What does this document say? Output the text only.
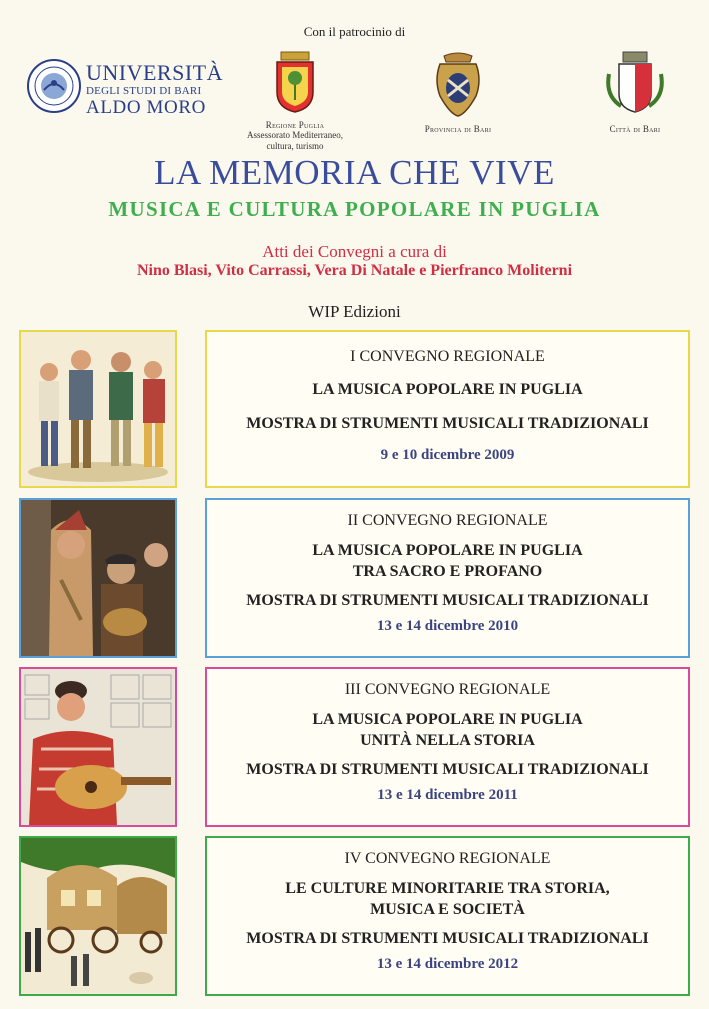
Con il patrocinio di
UNIVERSITÀ
DEGLI STUDI DI BARI
ALDO MORO
Regione Puglia
Assessorato Mediterraneo,
cultura, turismo
Provincia di Bari	Città di Bari
LA MEMORIA CHE VIVE
MUSICA E CULTURA POPOLARE IN PUGLIA
Atti dei Convegni a cura di
Nino Blasi, Vito Carrassi, Vera Di Natale e Pierfranco Moliterni
WIP Edizioni
I CONVEGNO REGIONALE
LA MUSICA POPOLARE IN PUGLIA
MOSTRA DI STRUMENTI MUSICALI TRADIZIONALI
9 e 10 dicembre 2009
II CONVEGNO REGIONALE
LA MUSICA POPOLARE IN PUGLIA
TRA SACRO E PROFANO
MOSTRA DI STRUMENTI MUSICALI TRADIZIONALI
13 e 14 dicembre 2010
III CONVEGNO REGIONALE
LA MUSICA POPOLARE IN PUGLIA
UNITÀ NELLA STORIA
MOSTRA DI STRUMENTI MUSICALI TRADIZIONALI
13 e 14 dicembre 2011
IV CONVEGNO REGIONALE
LE CULTURE MINORITARIE TRA STORIA,
MUSICA E SOCIETÀ
MOSTRA DI STRUMENTI MUSICALI TRADIZIONALI
13 e 14 dicembre 2012
